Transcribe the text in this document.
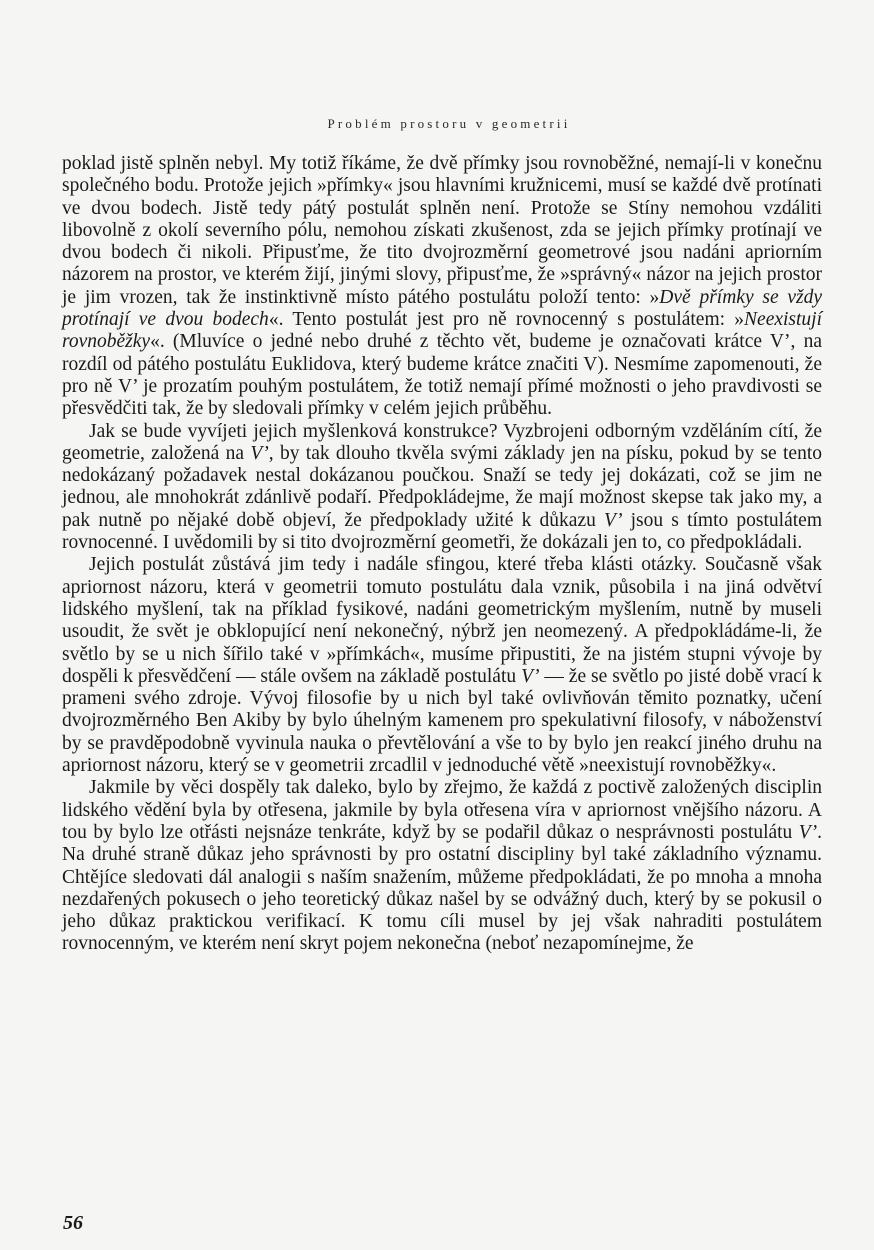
Problém prostoru v geometrii

poklad jistě splněn nebyl. My totiž říkáme, že dvě přímky jsou rovnoběžné, nemají-li v konečnu společného bodu. Protože jejich »přímky« jsou hlavními kružnicemi, musí se každé dvě protínati ve dvou bodech. Jistě tedy pátý postulát splněn není. Protože se Stíny nemohou vzdáliti libovolně z okolí severního pólu, nemohou získati zkušenost, zda se jejich přímky protínají ve dvou bodech či nikoli. Připusťme, že tito dvojrozměrní geometrové jsou nadáni apriorním názorem na prostor, ve kterém žijí, jinými slovy, připusťme, že »správný« názor na jejich prostor je jim vrozen, tak že instinktivně místo pátého postulátu položí tento: »Dvě přímky se vždy protínají ve dvou bodech«. Tento postulát jest pro ně rovnocenný s postulátem: »Neexistují rovnoběžky«. (Mluvíce o jedné nebo druhé z těchto vět, budeme je označovati krátce V’, na rozdíl od pátého postulátu Euklidova, který budeme krátce značiti V). Nesmíme zapomenouti, že pro ně V’ je prozatím pouhým postulátem, že totiž nemají přímé možnosti o jeho pravdivosti se přesvědčiti tak, že by sledovali přímky v celém jejich průběhu.

Jak se bude vyvíjeti jejich myšlenková konstrukce? Vyzbrojeni odborným vzděláním cítí, že geometrie, založená na V’, by tak dlouho tkvěla svými základy jen na písku, pokud by se tento nedokázaný požadavek nestal dokázanou poučkou. Snaží se tedy jej dokázati, což se jim ne jednou, ale mnohokrát zdánlivě podaří. Předpokládejme, že mají možnost skepse tak jako my, a pak nutně po nějaké době objeví, že předpoklady užité k důkazu V’ jsou s tímto postulátem rovnocenné. I uvědomili by si tito dvojrozměrní geometři, že dokázali jen to, co předpokládali.

Jejich postulát zůstává jim tedy i nadále sfingou, které třeba klásti otázky. Současně však apriornost názoru, která v geometrii tomuto postulátu dala vznik, působila i na jiná odvětví lidského myšlení, tak na příklad fysikové, nadáni geometrickým myšlením, nutně by museli usoudit, že svět je obklopující není nekonečný, nýbrž jen neomezený. A předpokládáme-li, že světlo by se u nich šířilo také v »přímkách«, musíme připustiti, že na jistém stupni vývoje by dospěli k přesvědčení — stále ovšem na základě postulátu V’ — že se světlo po jisté době vrací k prameni svého zdroje. Vývoj filosofie by u nich byl také ovlivňován těmito poznatky, učení dvojrozměrného Ben Akiby by bylo úhelným kamenem pro spekulativní filosofy, v náboženství by se pravděpodobně vyvinula nauka o převtělování a vše to by bylo jen reakcí jiného druhu na apriornost názoru, který se v geometrii zrcadlil v jednoduché větě »neexistují rovnoběžky«.

Jakmile by věci dospěly tak daleko, bylo by zřejmo, že každá z poctivě založených disciplin lidského vědění byla by otřesena, jakmile by byla otřesena víra v apriornost vnějšího názoru. A tou by bylo lze otřásti nejsnáze tenkráte, když by se podařil důkaz o nesprávnosti postulátu V’. Na druhé straně důkaz jeho správnosti by pro ostatní discipliny byl také základního významu. Chtějíce sledovati dál analogii s naším snažením, můžeme předpokládati, že po mnoha a mnoha nezdařených pokusech o jeho teoretický důkaz našel by se odvážný duch, který by se pokusil o jeho důkaz praktickou verifikací. K tomu cíli musel by jej však nahraditi postulátem rovnocenným, ve kterém není skryt pojem nekonečna (neboť nezapomínejme, že

56
